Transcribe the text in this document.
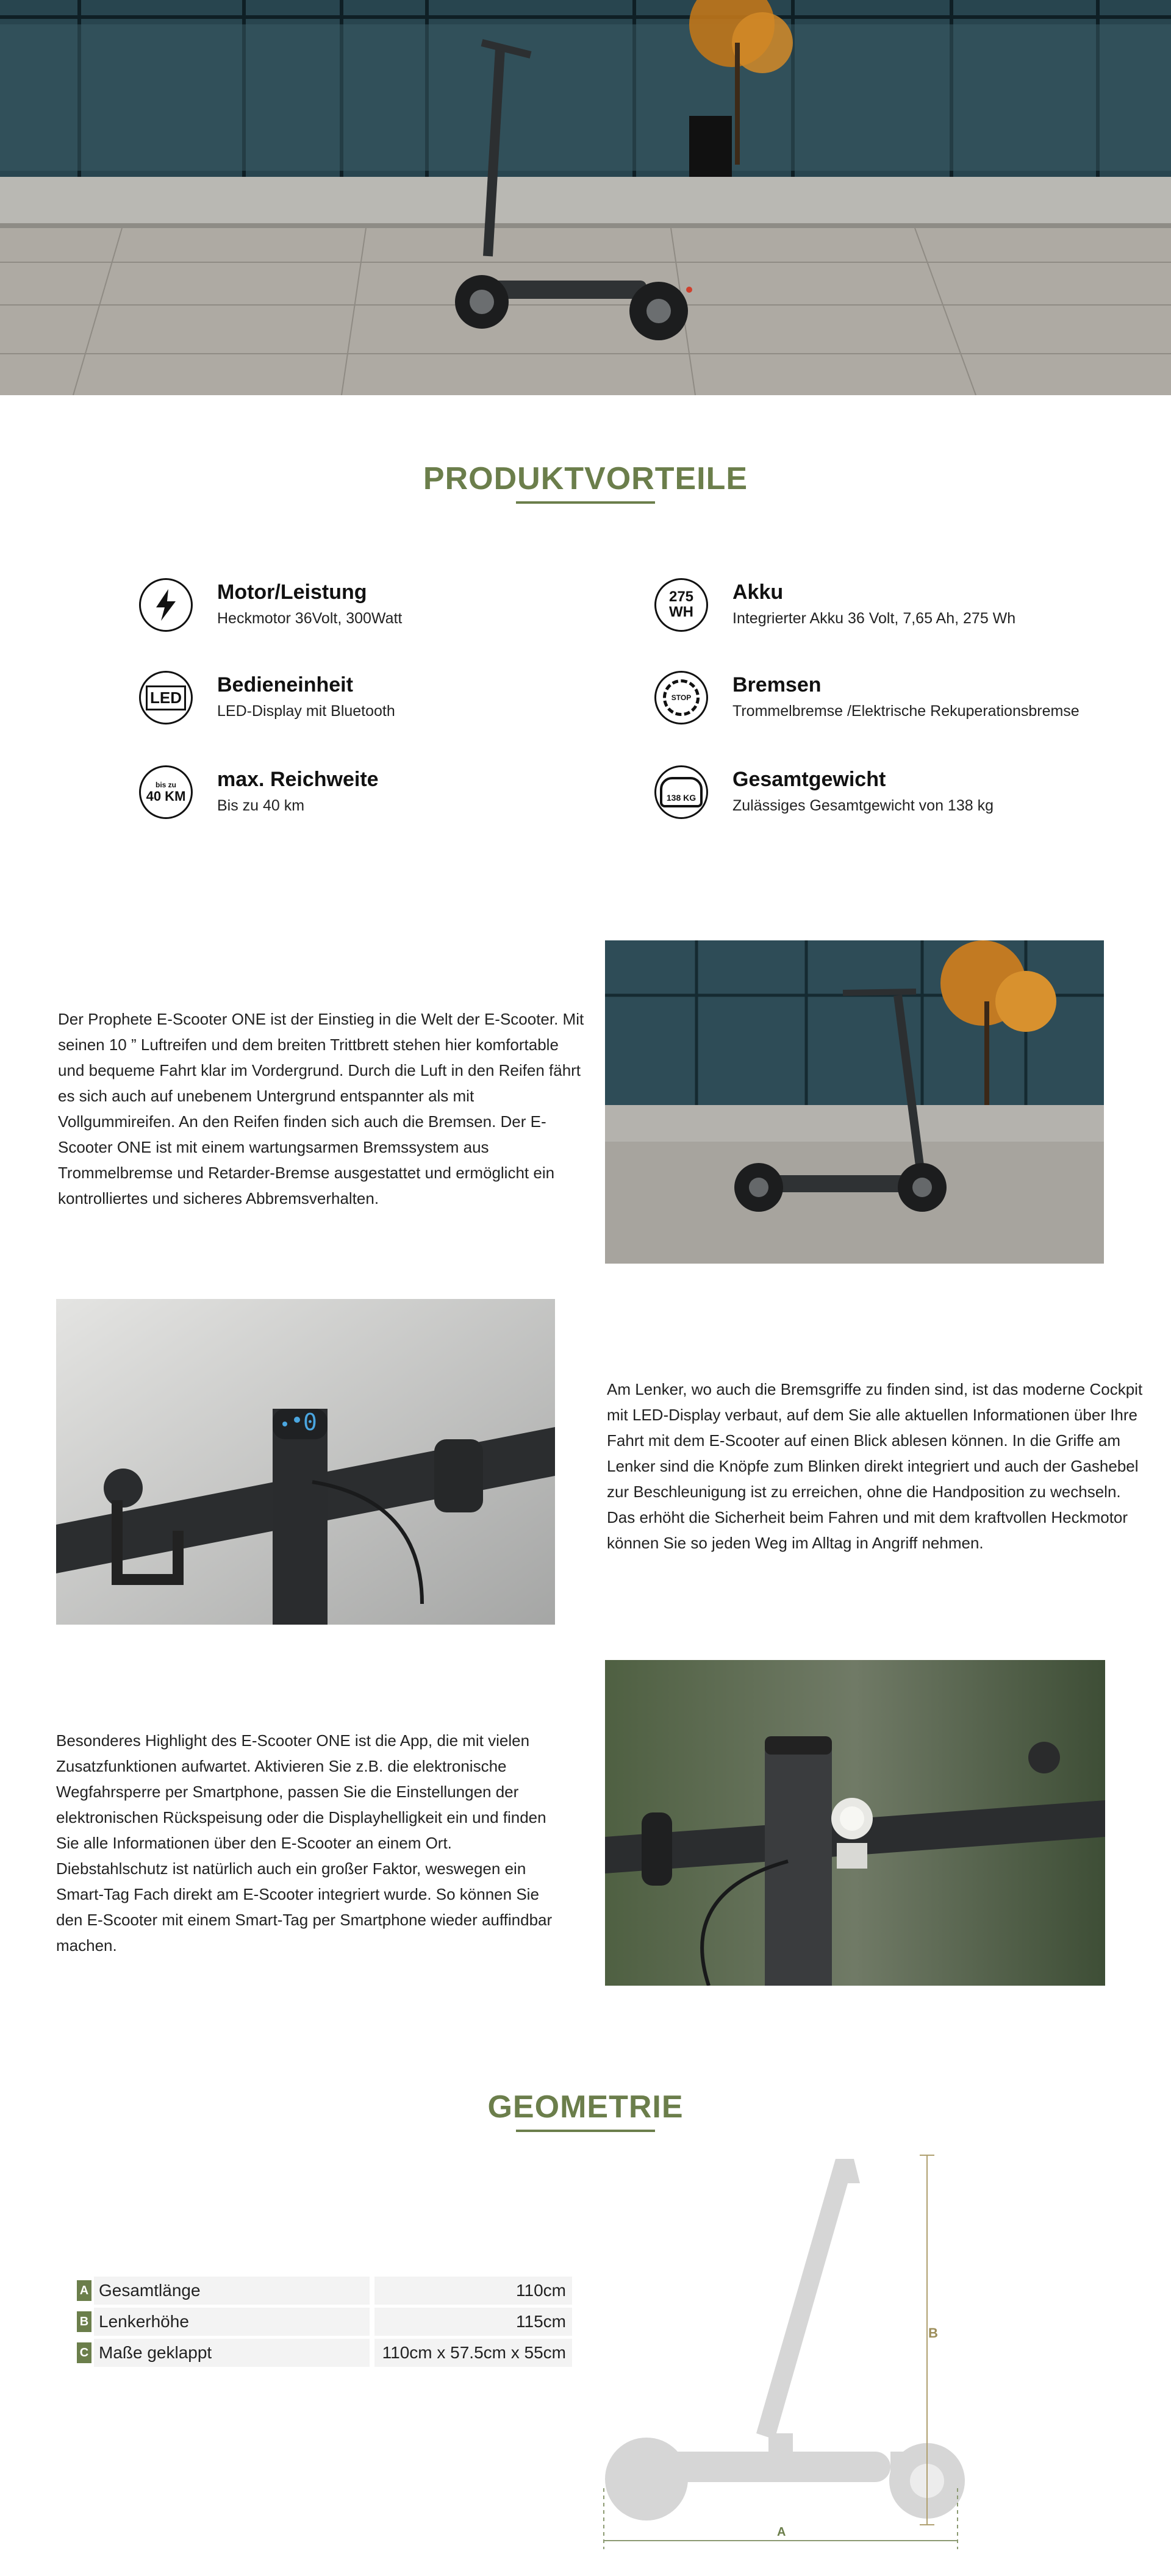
PRODUKTVORTEILE
Motor/Leistung
Heckmotor 36Volt, 300Watt
275
WH
Akku
Integrierter Akku 36 Volt, 7,65 Ah, 275 Wh
LED
Bedieneinheit
LED-Display mit Bluetooth
STOP
Bremsen
Trommelbremse /Elektrische Rekuperationsbremse
bis zu
40 KM
max. Reichweite
Bis zu 40 km	138 KG
Gesamtgewicht
Zulässiges Gesamtgewicht von 138 kg

Der Prophete E-Scooter ONE ist der Einstieg in die Welt der E-Scooter. Mit seinen 10 ” Luftreifen und dem breiten Trittbrett stehen hier komfortable und bequeme Fahrt klar im Vordergrund. Durch die Luft in den Reifen fährt es sich auch auf unebenem Untergrund entspannter als mit Vollgummireifen. An den Reifen finden sich auch die Bremsen. Der E-Scooter ONE ist mit einem wartungsarmen Bremssystem aus Trommelbremse und Retarder-Bremse ausgestattet und ermöglicht ein kontrolliertes und sicheres Abbremsverhalten.

0

Am Lenker, wo auch die Bremsgriffe zu finden sind, ist das moderne Cockpit mit LED-Display verbaut, auf dem Sie alle aktuellen Informationen über Ihre Fahrt mit dem E-Scooter auf einen Blick ablesen können. In die Griffe am Lenker sind die Knöpfe zum Blinken direkt integriert und auch der Gashebel zur Beschleunigung ist zu erreichen, ohne die Handposition zu wechseln. Das erhöht die Sicherheit beim Fahren und mit dem kraftvollen Heckmotor können Sie so jeden Weg im Alltag in Angriff nehmen.

Besonderes Highlight des E-Scooter ONE ist die App, die mit vielen Zusatzfunktionen aufwartet. Aktivieren Sie z.B. die elektronische Wegfahrsperre per Smartphone, passen Sie die Einstellungen der elektronischen Rückspeisung oder die Displayhelligkeit ein und finden Sie alle Informationen über den E-Scooter an einem Ort. Diebstahlschutz ist natürlich auch ein großer Faktor, weswegen ein Smart-Tag Fach direkt am E-Scooter integriert wurde. So können Sie den E-Scooter mit einem Smart-Tag per Smartphone wieder auffindbar machen.

GEOMETRIE
A Gesamtlänge	110cm
B Lenkerhöhe	115cm
C Maße geklappt	110cm x 57.5cm x 55cm
B
A
